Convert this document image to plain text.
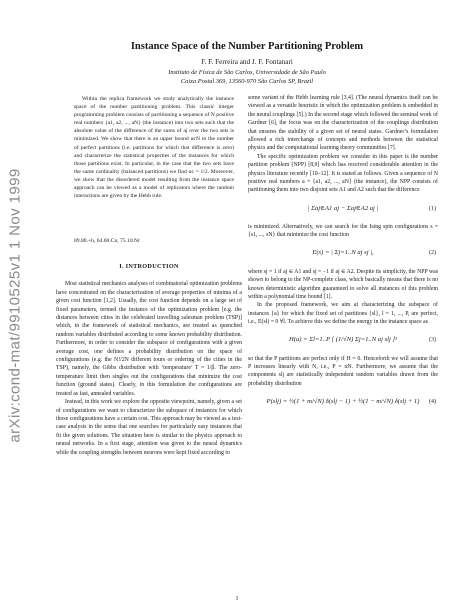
arXiv:cond-mat/9910525v1 1 Nov 1999
Instance Space of the Number Partitioning Problem
F. F. Ferreira and J. F. Fontanari
Instituto de Física de São Carlos, Universidade de São Paulo
Caixa Postal 369, 13560-970 São Carlos SP, Brazil
Within the replica framework we study analytically the instance space of the number partitioning problem. This classic integer programming problem consists of partitioning a sequence of N positive real numbers {a1, a2, ..., aN} (the instance) into two sets such that the absolute value of the difference of the sums of aj over the two sets is minimized. We show that there is an upper bound αcN to the number of perfect partitions (i.e. partitions for which that difference is zero) and characterize the statistical properties of the instances for which those partitions exist. In particular, in the case that the two sets have the same cardinality (balanced partitions) we find αc = 1/2. Moreover, we show that the disordered model resulting from the instance space approach can be viewed as a model of replicators where the random interactions are given by the Hebb rule.
89.80.+h, 64.60.Cn, 75.10.Nr
I. INTRODUCTION

Most statistical mechanics analyses of combinatorial optimization problems have concentrated on the characterization of average properties of minima of a given cost function [1,2]. Usually, the cost function depends on a large set of fixed parameters, termed the instance of the optimization problem [e.g. the distances between cities in the celebrated travelling salesman problem (TSP)] which, in the framework of statistical mechanics, are treated as quenched random variables distributed according to some known probability distribution. Furthermore, in order to consider the subspace of configurations with a given average cost, one defines a probability distribution on the space of configurations (e.g. the N!/2N different tours or ordering of the cities in the TSP), namely, the Gibbs distribution with ‘temperature’ T = 1/β. The zero-temperature limit then singles out the configurations that minimize the cost function (ground states). Clearly, in this formulation the configurations are treated as fast, annealed variables.

Instead, in this work we explore the opposite viewpoint, namely, given a set of configurations we want to characterize the subspace of instances for which those configurations have a certain cost. This approach may be viewed as a test-case analysis in the sense that one searches for particularly easy instances that fit the given solutions. The situation here is similar to the physics approach to neural networks. In a first stage, attention was given to the neural dynamics while the coupling strengths between neurons were kept fixed according to

some variant of the Hebb learning rule [3,4]. (The neural dynamics itself can be viewed as a versatile heuristic in which the optimization problem is embedded in the neural couplings [5].) In the second stage which followed the seminal work of Gardner [6], the focus was on the characterization of the couplings distribution that ensures the stability of a given set of neural states. Gardner’s formulation allowed a rich interchange of concepts and methods between the statistical physics and the computational learning theory communities [7].

The specific optimization problem we consider in this paper is the number partition problem (NPP) [8,9] which has received considerable attention in the physics literature recently [10–12]. It is stated as follows. Given a sequence of N positive real numbers a = {a1, a2, ..., aN} (the instance), the NPP consists of partitioning them into two disjoint sets A1 and A2 such that the difference

| Σaj∈A1 aj − Σaj∈A2 aj |	(1)

is minimized. Alternatively, we can search for the Ising spin configurations s = {s1, ..., sN} that minimize the cost function

E(s) = | Σj=1..N aj sj |,	(2)

where sj = 1 if aj ∈ A1 and sj = −1 if aj ∈ A2. Despite its simplicity, the NPP was shown to belong to the NP-complete class, which basically means that there is no known deterministic algorithm guaranteed to solve all instances of this problem within a polynomial time bound [1].

In the proposed framework, we aim at characterizing the subspace of instances {a} for which the fixed set of partitions {sl}, l = 1, ..., P, are perfect, i.e., E(sl) = 0 ∀l. To achieve this we define the energy in the instance space as

H(a) = Σl=1..P [ (1/√N) Σj=1..N aj slj ]²	(3)

so that the P partitions are perfect only if H = 0. Henceforth we will assume that P increases linearly with N, i.e., P = αN. Furthermore, we assume that the components slj are statistically independent random variables drawn from the probability distribution

P(slj) = ½(1 + m/√N) δ(slj − 1) + ½(1 − m/√N) δ(slj + 1) (4)
1
